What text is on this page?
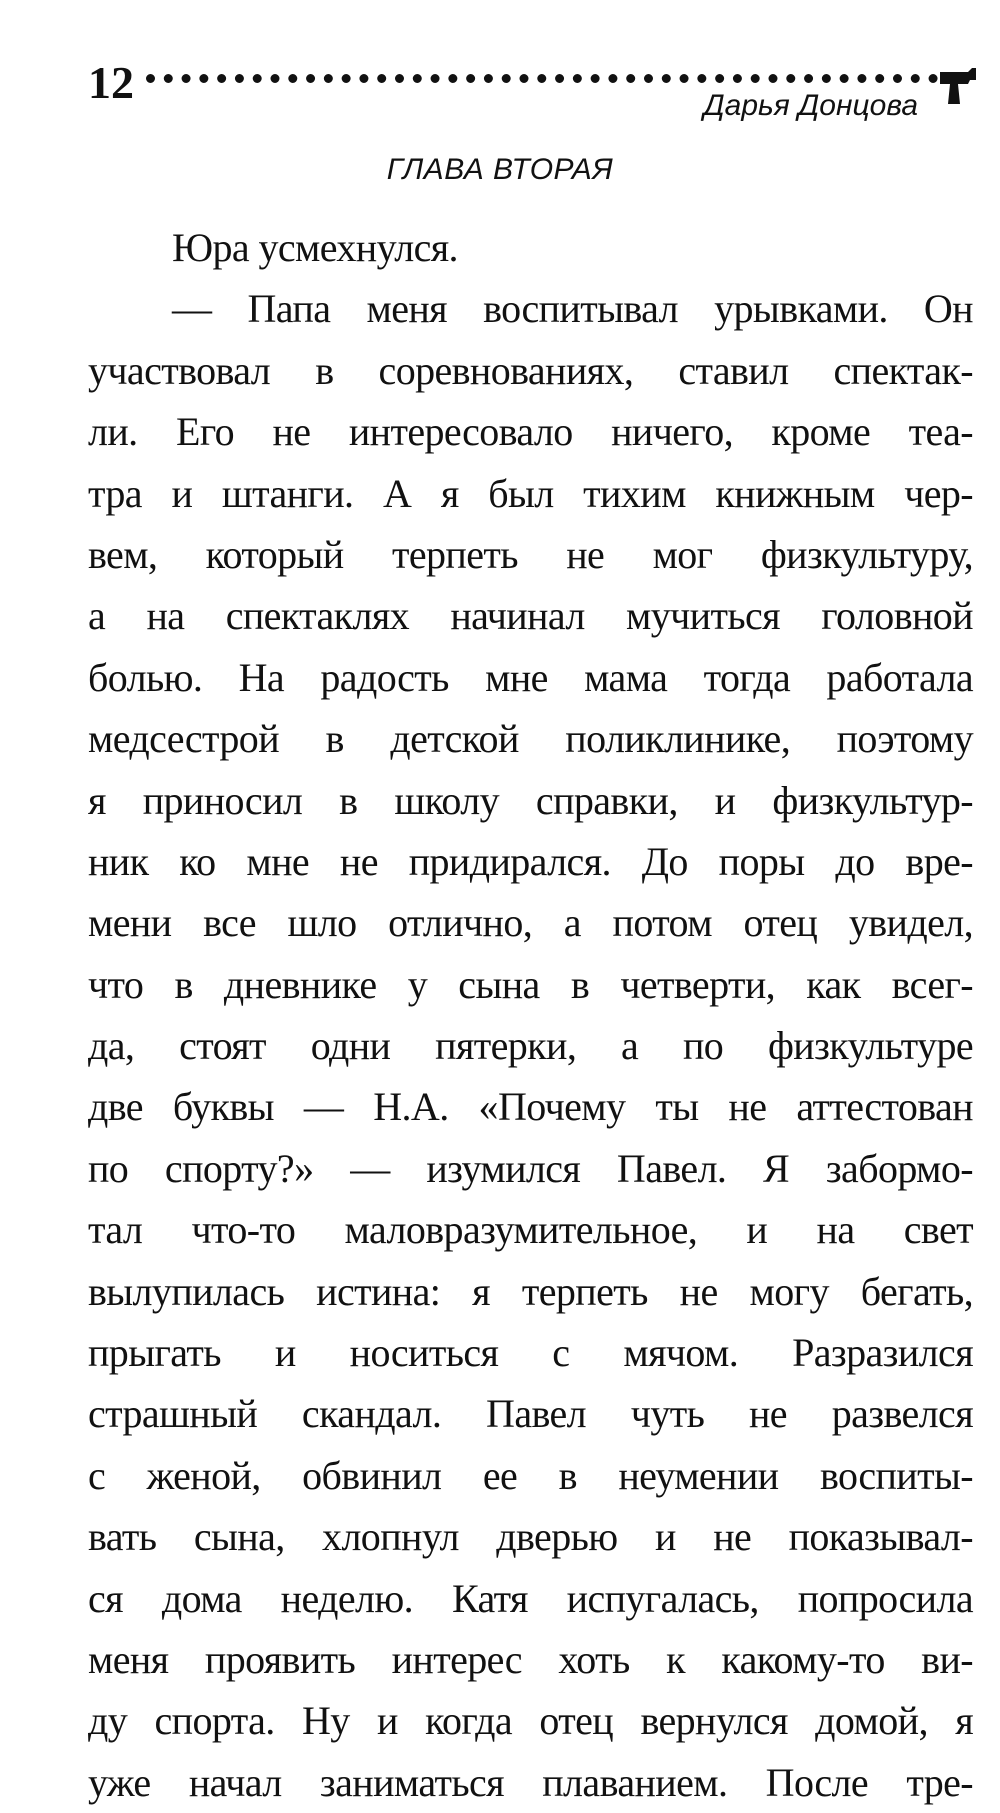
12	Дарья Донцова
ГЛАВА ВТОРАЯ
Юра усмехнулся.
— Папа меня воспитывал урывками. Он
участвовал в соревнованиях, ставил спектак-
ли. Его не интересовало ничего, кроме теа-
тра и штанги. А я был тихим книжным чер-
вем, который терпеть не мог физкультуру,
а на спектаклях начинал мучиться головной
болью. На радость мне мама тогда работала
медсестрой в детской поликлинике, поэтому
я приносил в школу справки, и физкультур-
ник ко мне не придирался. До поры до вре-
мени все шло отлично, а потом отец увидел,
что в дневнике у сына в четверти, как всег-
да, стоят одни пятерки, а по физкультуре
две буквы — Н.А. «Почему ты не аттестован
по спорту?» — изумился Павел. Я забормо-
тал что-то маловразумительное, и на свет
вылупилась истина: я терпеть не могу бегать,
прыгать и носиться с мячом. Разразился
страшный скандал. Павел чуть не развелся
с женой, обвинил ее в неумении воспиты-
вать сына, хлопнул дверью и не показывал-
ся дома неделю. Катя испугалась, попросила
меня проявить интерес хоть к какому-то ви-
ду спорта. Ну и когда отец вернулся домой, я
уже начал заниматься плаванием. После тре-
